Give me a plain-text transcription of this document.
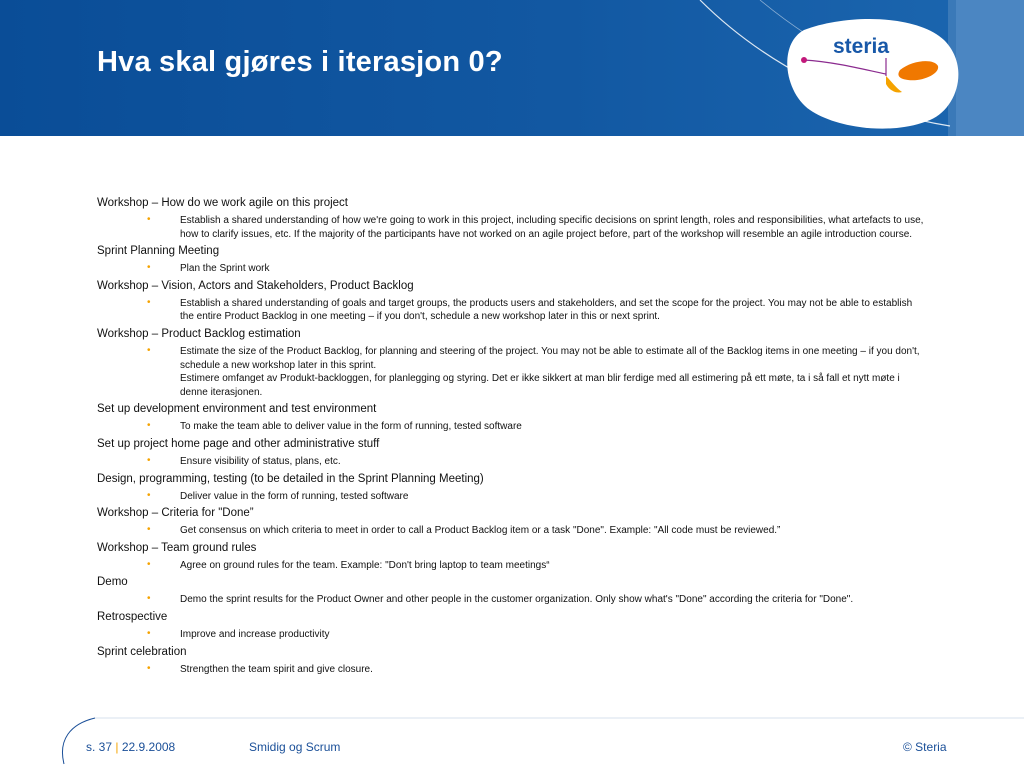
Hva skal gjøres i iterasjon 0?	steria
Workshop – How do we work agile on this project
•	Establish a shared understanding of how we're going to work in this project, including specific decisions on sprint length, roles and responsibilities, what artefacts to use, how to clarify issues, etc. If the majority of the participants have not worked on an agile project before, part of the workshop will resemble an agile introduction course.
Sprint Planning Meeting
•	Plan the Sprint work
Workshop – Vision, Actors and Stakeholders, Product Backlog
•	Establish a shared understanding of goals and target groups, the products users and stakeholders, and set the scope for the project. You may not be able to establish the entire Product Backlog in one meeting – if you don't, schedule a new workshop later in this or next sprint.
Workshop – Product Backlog estimation
•	Estimate the size of the Product Backlog, for planning and steering of the project. You may not be able to estimate all of the Backlog items in one meeting – if you don't, schedule a new workshop later in this sprint.
Estimere omfanget av Produkt-backloggen, for planlegging og styring. Det er ikke sikkert at man blir ferdige med all estimering på ett møte, ta i så fall et nytt møte i denne iterasjonen.
Set up development environment and test environment
•	To make the team able to deliver value in the form of running, tested software
Set up project home page and other administrative stuff
•	Ensure visibility of status, plans, etc.
Design, programming, testing (to be detailed in the Sprint Planning Meeting)
•	Deliver value in the form of running, tested software
Workshop – Criteria for "Done”
•	Get consensus on which criteria to meet in order to call a Product Backlog item or a task "Done". Example: "All code must be reviewed.”
Workshop – Team ground rules
•	Agree on ground rules for the team. Example: "Don't bring laptop to team meetings“
Demo
•	Demo the sprint results for the Product Owner and other people in the customer organization. Only show what's "Done" according the criteria for "Done".
Retrospective
•	Improve and increase productivity
Sprint celebration
•	Strengthen the team spirit and give closure.
s. 37 | 22.9.2008	Smidig og Scrum	© Steria
